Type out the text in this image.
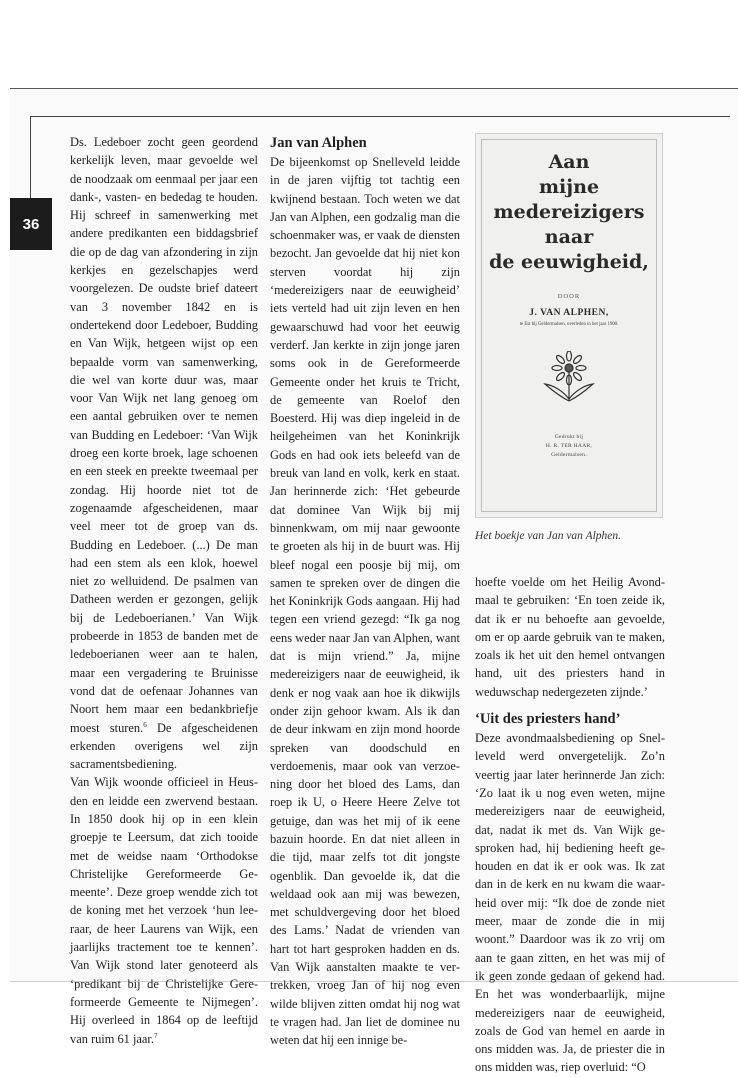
36

Ds. Ledeboer zocht geen geordend kerkelijk leven, maar gevoelde wel de noodzaak om eenmaal per jaar een dank-, vasten- en bededag te houden. Hij schreef in samenwerking met andere predikanten een biddagsbrief die op de dag van afzondering in zijn kerkjes en gezelschapjes werd voorgelezen. De oudste brief dateert van 3 november 1842 en is ondertekend door Ledeboer, Budding en Van Wijk, hetgeen wijst op een bepaalde vorm van samenwerking, die wel van korte duur was, maar voor Van Wijk net lang genoeg om een aantal gebruiken over te nemen van Budding en Ledeboer: ‘Van Wijk droeg een korte broek, lage schoenen en een steek en preekte tweemaal per zondag. Hij hoorde niet tot de zogenaamde afgescheidenen, maar veel meer tot de groep van ds. Budding en Ledeboer. (...) De man had een stem als een klok, hoewel niet zo welluidend. De psalmen van Datheen werden er gezongen, gelijk bij de Ledeboerianen.’ Van Wijk probeerde in 1853 de banden met de ledeboerianen weer aan te halen, maar een vergadering te Bruinisse vond dat de oefenaar Johannes van Noort hem maar een bedankbriefje moest sturen.$^6$ De afgescheidenen erkenden overigens wel zijn sacramentsbediening.

Van Wijk woonde officieel in Heusden en leidde een zwervend bestaan. In 1850 dook hij op in een klein groepje te Leersum, dat zich tooide met de weidse naam ‘Orthodokse Christelijke Gereformeerde Gemeente’. Deze groep wendde zich tot de koning met het verzoek ‘hun leeraar, de heer Laurens van Wijk, een jaarlijks tractement toe te kennen’. Van Wijk stond later genoteerd als ‘predikant bij de Christelijke Gereformeerde Gemeente te Nijmegen’. Hij overleed in 1864 op de leeftijd van ruim 61 jaar.$^7$

Jan van Alphen

De bijeenkomst op Snelleveld leidde in de jaren vijftig tot tachtig een kwijnend bestaan. Toch weten we dat Jan van Alphen, een godzalig man die schoenmaker was, er vaak de diensten bezocht. Jan gevoelde dat hij niet kon sterven voordat hij zijn ‘medereizigers naar de eeuwigheid’ iets verteld had uit zijn leven en hen gewaarschuwd had voor het eeuwig verderf. Jan kerkte in zijn jonge jaren soms ook in de Gereformeerde Gemeente onder het kruis te Tricht, de gemeente van Roelof den Boesterd. Hij was diep ingeleid in de heilgeheimen van het Koninkrijk Gods en had ook iets beleefd van de breuk van land en volk, kerk en staat. Jan herinnerde zich: ‘Het gebeurde dat dominee Van Wijk bij mij binnenkwam, om mij naar gewoonte te groeten als hij in de buurt was. Hij bleef nogal een poosje bij mij, om samen te spreken over de dingen die het Koninkrijk Gods aangaan. Hij had tegen een vriend gezegd: “Ik ga nog eens weder naar Jan van Alphen, want dat is mijn vriend.” Ja, mijne medereizigers naar de eeuwigheid, ik denk er nog vaak aan hoe ik dikwijls onder zijn gehoor kwam. Als ik dan de deur inkwam en zijn mond hoorde spreken van doodschuld en verdoemenis, maar ook van verzoening door het bloed des Lams, dan roep ik U, o Heere Heere Zelve tot getuige, dan was het mij of ik eene bazuin hoorde. En dat niet alleen in die tijd, maar zelfs tot dit jongste ogenblik. Dan gevoelde ik, dat die weldaad ook aan mij was bewezen, met schuldvergeving door het bloed des Lams.’ Nadat de vrienden van hart tot hart gesproken hadden en ds. Van Wijk aanstalten maakte te vertrekken, vroeg Jan of hij nog even wilde blijven zitten omdat hij nog wat te vragen had. Jan liet de dominee nu weten dat hij een innige be-

Aan
mijne medereizigers
naar
de eeuwigheid,
DOOR
J. VAN ALPHEN,
te Est bij Geldermalsen, overleden in het jaar 1900.
Gedrukt bij
H. R. TER HAAR,
Geldermalsen.
Het boekje van Jan van Alphen.

hoefte voelde om het Heilig Avondmaal te gebruiken: ‘En toen zeide ik, dat ik er nu behoefte aan gevoelde, om er op aarde gebruik van te maken, zoals ik het uit den hemel ontvangen hand, uit des priesters hand in weduwschap nedergezeten zijnde.’

‘Uit des priesters hand’

Deze avondmaalsbediening op Snelleveld werd onvergetelijk. Zo’n veertig jaar later herinnerde Jan zich: ‘Zo laat ik u nog even weten, mijne medereizigers naar de eeuwigheid, dat, nadat ik met ds. Van Wijk gesproken had, hij bediening heeft gehouden en dat ik er ook was. Ik zat dan in de kerk en nu kwam die waarheid over mij: “Ik doe de zonde niet meer, maar de zonde die in mij woont.” Daardoor was ik zo vrij om aan te gaan zitten, en het was mij of ik geen zonde gedaan of gekend had. En het was wonderbaarlijk, mijne medereizigers naar de eeuwigheid, zoals de God van hemel en aarde in ons midden was. Ja, de priester die in ons midden was, riep overluid: “O
